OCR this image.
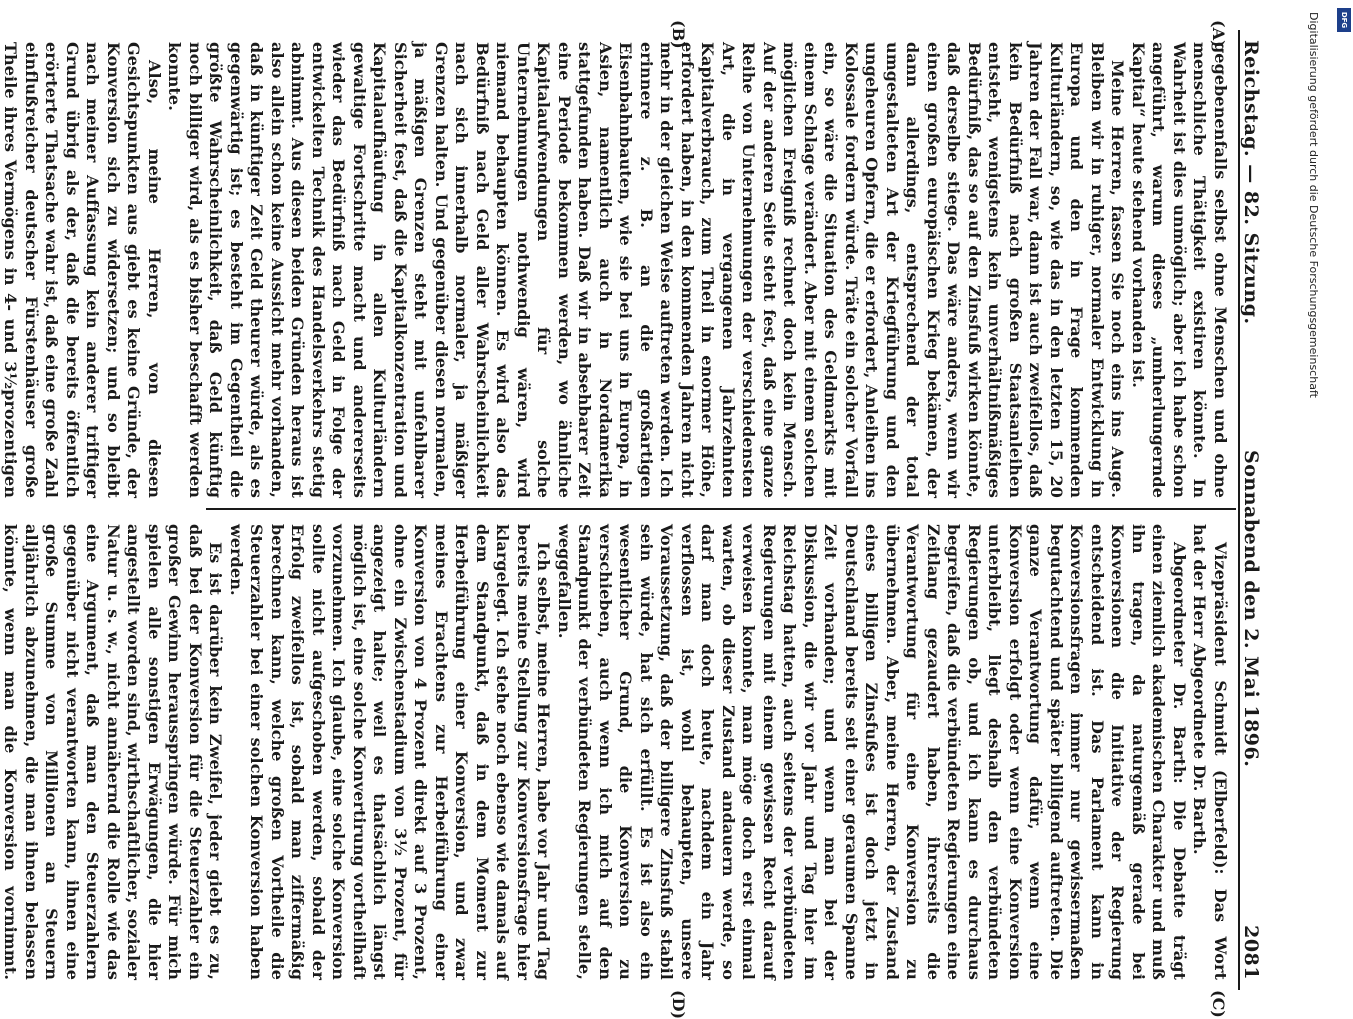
Reichstag. — 82. Sitzung.
Sonnabend den 2. Mai 1896.
2081
(A)
(B)
(C)
(D)

gegebenenfalls selbst ohne Menschen und ohne menschliche Thätigkeit existiren könnte. In Wahrheit ist dies unmöglich; aber ich habe schon angeführt, warum dieses „umherlungernde Kapital“ heute stehend vorhanden ist.

Meine Herren, fassen Sie noch eins ins Auge. Bleiben wir in ruhiger, normaler Entwicklung in Europa und den in Frage kommenden Kulturländern, so, wie das in den letzten 15, 20 Jahren der Fall war, dann ist auch zweifellos, daß kein Bedürfniß nach großen Staatsanleihen entsteht, wenigstens kein unverhältnißmäßiges Bedürfniß, das so auf den Zinsfuß wirken könnte, daß derselbe stiege. Das wäre anders, wenn wir einen großen europäischen Krieg bekämen, der dann allerdings, entsprechend der total umgestalteten Art der Kriegführung und den ungeheuren Opfern, die er erfordert, Anleihen ins Kolossale fordern würde. Träte ein solcher Vorfall ein, so wäre die Situation des Geldmarkts mit einem Schlage verändert. Aber mit einem solchen möglichen Ereigniß rechnet doch kein Mensch. Auf der anderen Seite steht fest, daß eine ganze Reihe von Unternehmungen der verschiedensten Art, die in vergangenen Jahrzehnten Kapitalverbrauch, zum Theil in enormer Höhe, erfordert haben, in den kommenden Jahren nicht mehr in der gleichen Weise auftreten werden. Ich erinnere z. B. an die großartigen Eisenbahnbauten, wie sie bei uns in Europa, in Asien, namentlich auch in Nordamerika stattgefunden haben. Daß wir in absehbarer Zeit eine Periode bekommen werden, wo ähnliche Kapitalaufwendungen für solche Unternehmungen nothwendig wären, wird niemand behaupten können. Es wird also das Bedürfniß nach Geld aller Wahrscheinlichkeit nach sich innerhalb normaler, ja mäßiger Grenzen halten. Und gegenüber diesen normalen, ja mäßigen Grenzen steht mit unfehlbarer Sicherheit fest, daß die Kapitalkonzentration und Kapitalaufhäufung in allen Kulturländern gewaltige Fortschritte macht und andererseits wieder das Bedürfniß nach Geld in Folge der entwickelten Technik des Handelsverkehrs stetig abnimmt. Aus diesen beiden Gründen heraus ist also allein schon keine Aussicht mehr vorhanden, daß in künftiger Zeit Geld theurer würde, als es gegenwärtig ist; es besteht im Gegentheil die größte Wahrscheinlichkeit, daß Geld künftig noch billiger wird, als es bisher beschafft werden konnte.

Also, meine Herren, von diesen Gesichtspunkten aus giebt es keine Gründe, der Konversion sich zu widersetzen; und so bleibt nach meiner Auffassung kein anderer triftiger Grund übrig als der, daß die bereits öffentlich erörterte Thatsache wahr ist, daß eine große Zahl einflußreicher deutscher Fürstenhäuser große Theile ihres Vermögens in 4- und 3½prozentigen

Vizepräsident Schmidt (Elberfeld): Das Wort hat der Herr Abgeordnete Dr. Barth.

Abgeordneter Dr. Barth: Die Debatte trägt einen ziemlich akademischen Charakter und muß ihn tragen, da naturgemäß gerade bei Konversionen die Initiative der Regierung entscheidend ist. Das Parlament kann in Konversionsfragen immer nur gewissermaßen begutachtend und später billigend auftreten. Die ganze Verantwortung dafür, wenn eine Konversion erfolgt oder wenn eine Konversion unterbleibt, liegt deshalb den verbündeten Regierungen ob, und ich kann es durchaus begreifen, daß die verbündeten Regierungen eine Zeitlang gezaudert haben, ihrerseits die Verantwortung für eine Konversion zu übernehmen. Aber, meine Herren, der Zustand eines billigen Zinsfußes ist doch jetzt in Deutschland bereits seit einer geraumen Spanne Zeit vorhanden; und wenn man bei der Diskussion, die wir vor Jahr und Tag hier im Reichstag hatten, auch seitens der verbündeten Regierungen mit einem gewissen Recht darauf verweisen konnte, man möge doch erst einmal warten, ob dieser Zustand andauern werde, so darf man doch heute, nachdem ein Jahr verflossen ist, wohl behaupten, unsere Voraussetzung, daß der billigere Zinsfuß stabil sein würde, hat sich erfüllt. Es ist also ein wesentlicher Grund, die Konversion zu verschieben, auch wenn ich mich auf den Standpunkt der verbündeten Regierungen stelle, weggefallen.

Ich selbst, meine Herren, habe vor Jahr und Tag bereits meine Stellung zur Konversionsfrage hier klargelegt. Ich stehe noch ebenso wie damals auf dem Standpunkt, daß in dem Moment zur Herbeiführung einer Konversion, und zwar meines Erachtens zur Herbeiführung einer Konversion von 4 Prozent direkt auf 3 Prozent, ohne ein Zwischenstadium von 3½ Prozent, für angezeigt halte; weil es thatsächlich längst möglich ist, eine solche Konvertirung vortheilhaft vorzunehmen. Ich glaube, eine solche Konversion sollte nicht aufgeschoben werden, sobald der Erfolg zweifellos ist, sobald man ziffermäßig berechnen kann, welche großen Vortheile die Steuerzahler bei einer solchen Konversion haben werden.

Es ist darüber kein Zweifel, jeder giebt es zu, daß bei der Konversion für die Steuerzahler ein großer Gewinn herausspringen würde. Für mich spielen alle sonstigen Erwägungen, die hier angestellt worden sind, wirthschaftlicher, sozialer Natur u. s. w., nicht annähernd die Rolle wie das eine Argument, daß man den Steuerzahlern gegenüber nicht verantworten kann, ihnen eine große Summe von Millionen an Steuern alljährlich abzunehmen, die man ihnen belassen könnte, wenn man die Konversion vornimmt.

Digitalisierung gefördert durch die Deutsche Forschungsgemeinschaft	DFG
